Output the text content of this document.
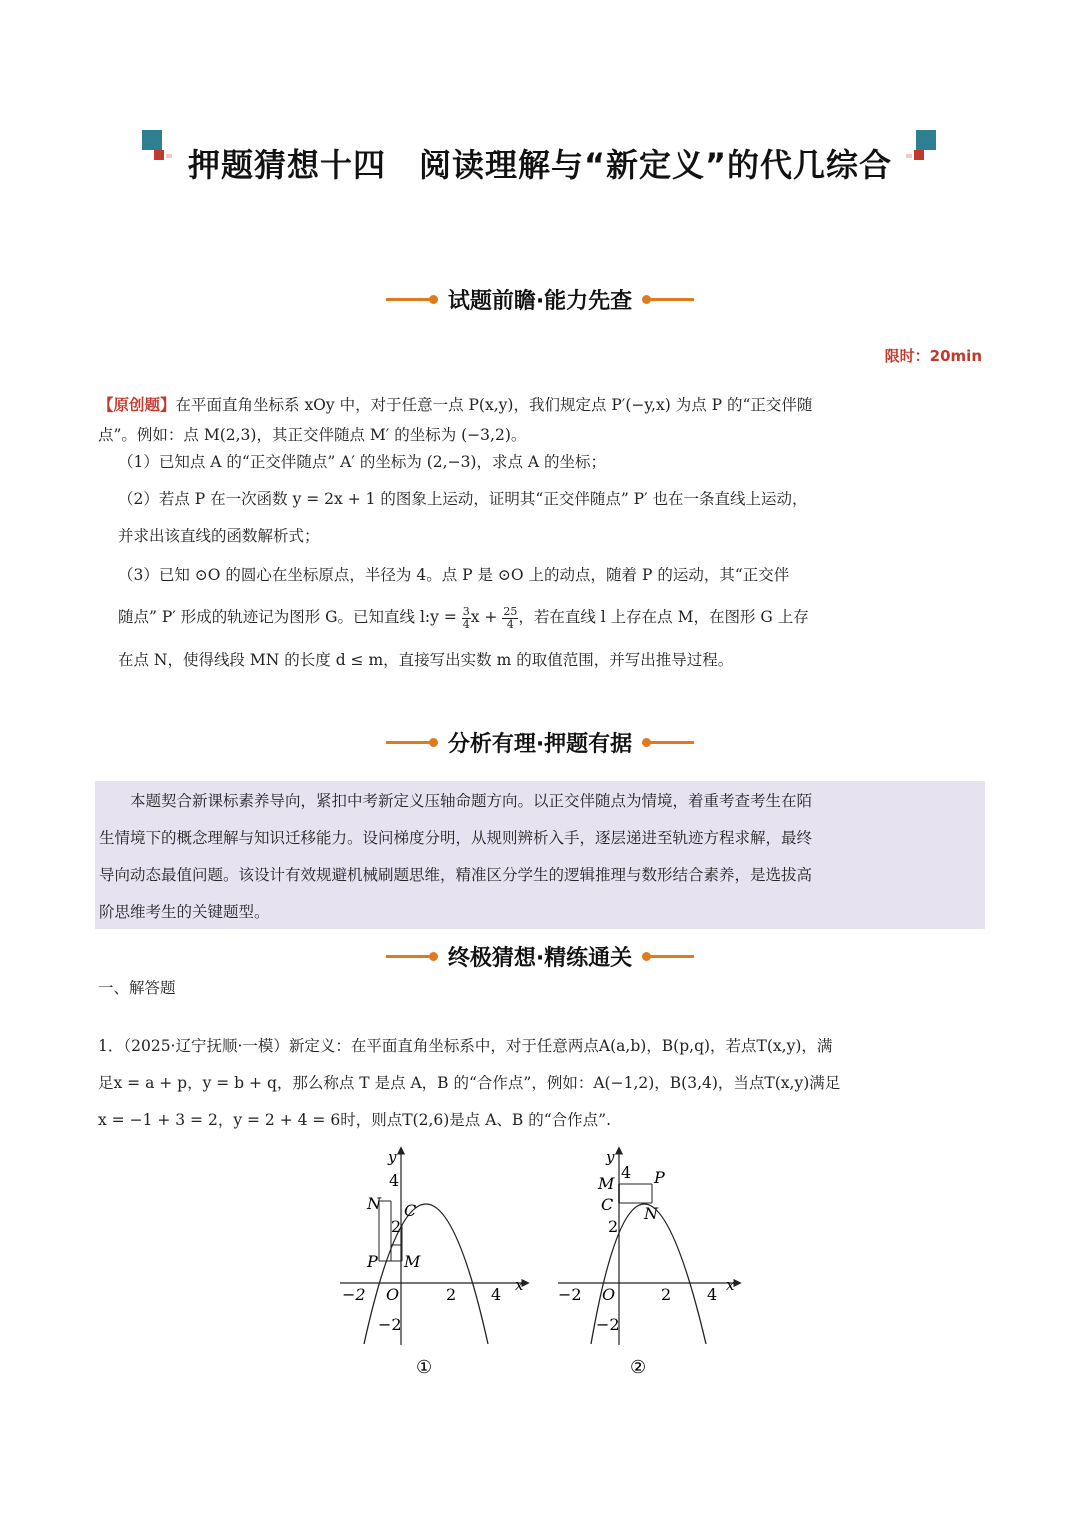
押题猜想十四　阅读理解与“新定义”的代几综合
试题前瞻·能力先查
限时：20min
【原创题】在平面直角坐标系 xOy 中，对于任意一点 P(x,y)，我们规定点 P′(−y,x) 为点 P 的“正交伴随
点”。例如：点 M(2,3)，其正交伴随点 M′ 的坐标为 (−3,2)。
（1）已知点 A 的“正交伴随点” A′ 的坐标为 (2,−3)，求点 A 的坐标；
（2）若点 P 在一次函数 y = 2x + 1 的图象上运动，证明其“正交伴随点” P′ 也在一条直线上运动，
并求出该直线的函数解析式；
（3）已知 ⊙O 的圆心在坐标原点，半径为 4。点 P 是 ⊙O 上的动点，随着 P 的运动，其“正交伴
随点” P′ 形成的轨迹记为图形 G。已知直线 l:y = $\frac{3}{4}$ $x + \frac{25}{4}$ ，若在直线 l 上存在点 M，在图形 G 上存
在点 N，使得线段 MN 的长度 d ≤ m，直接写出实数 m 的取值范围，并写出推导过程。
分析有理·押题有据
　　本题契合新课标素养导向，紧扣中考新定义压轴命题方向。以正交伴随点为情境，着重考查考生在陌
生情境下的概念理解与知识迁移能力。设问梯度分明，从规则辨析入手，逐层递进至轨迹方程求解，最终
导向动态最值问题。该设计有效规避机械刷题思维，精准区分学生的逻辑推理与数形结合素养，是选拔高
阶思维考生的关键题型。
终极猜想·精练通关
一、解答题
1．（2025·辽宁抚顺·一模）新定义：在平面直角坐标系中，对于任意两点A(a,b)，B(p,q)，若点T(x,y)，满
足x = a + p，y = b + q，那么称点 T 是点 A，B 的“合作点”，例如：A(−1,2)，B(3,4)，当点T(x,y)满足
x = −1 + 3 = 2，y = 2 + 4 = 6时，则点T(2,6)是点 A、B 的“合作点”.
−2	2 4
O	x
y
4
2
−2
N C
P M
①
−2	2 4
O	x
y
4
2
−2
M P
C N
②
